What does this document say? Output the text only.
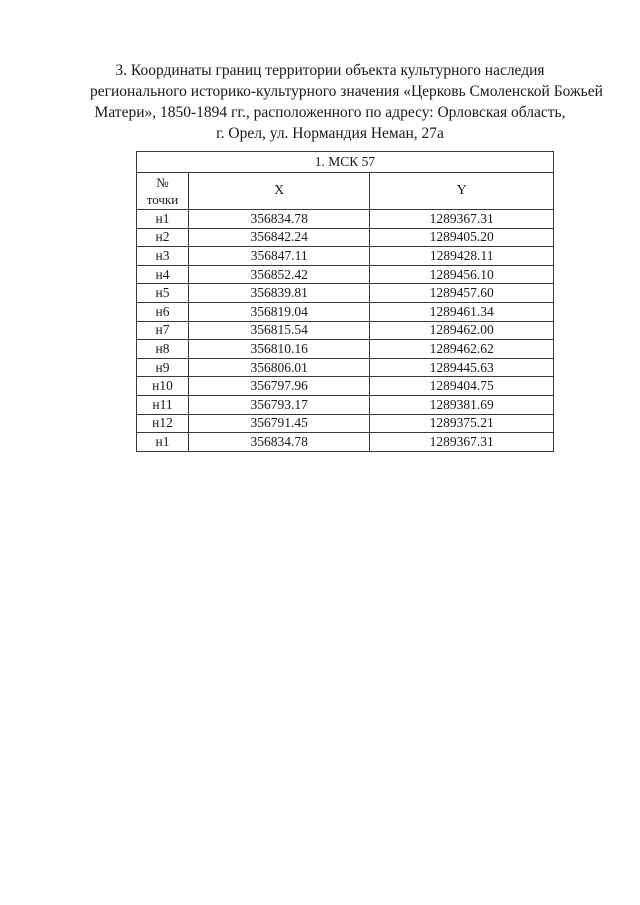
3. Координаты границ территории объекта культурного наследия
регионального историко-культурного значения «Церковь Смоленской Божьей
Матери», 1850-1894 гг., расположенного по адресу: Орловская область,
г. Орел, ул. Нормандия Неман, 27а
1. МСК 57		

№
точки	X	Y
н1	356834.78	1289367.31
н2	356842.24	1289405.20
н3	356847.11	1289428.11
н4	356852.42	1289456.10
н5	356839.81	1289457.60
н6	356819.04	1289461.34
н7	356815.54	1289462.00
н8	356810.16	1289462.62
н9	356806.01	1289445.63
н10	356797.96	1289404.75
н11	356793.17	1289381.69
н12	356791.45	1289375.21
н1	356834.78	1289367.31
